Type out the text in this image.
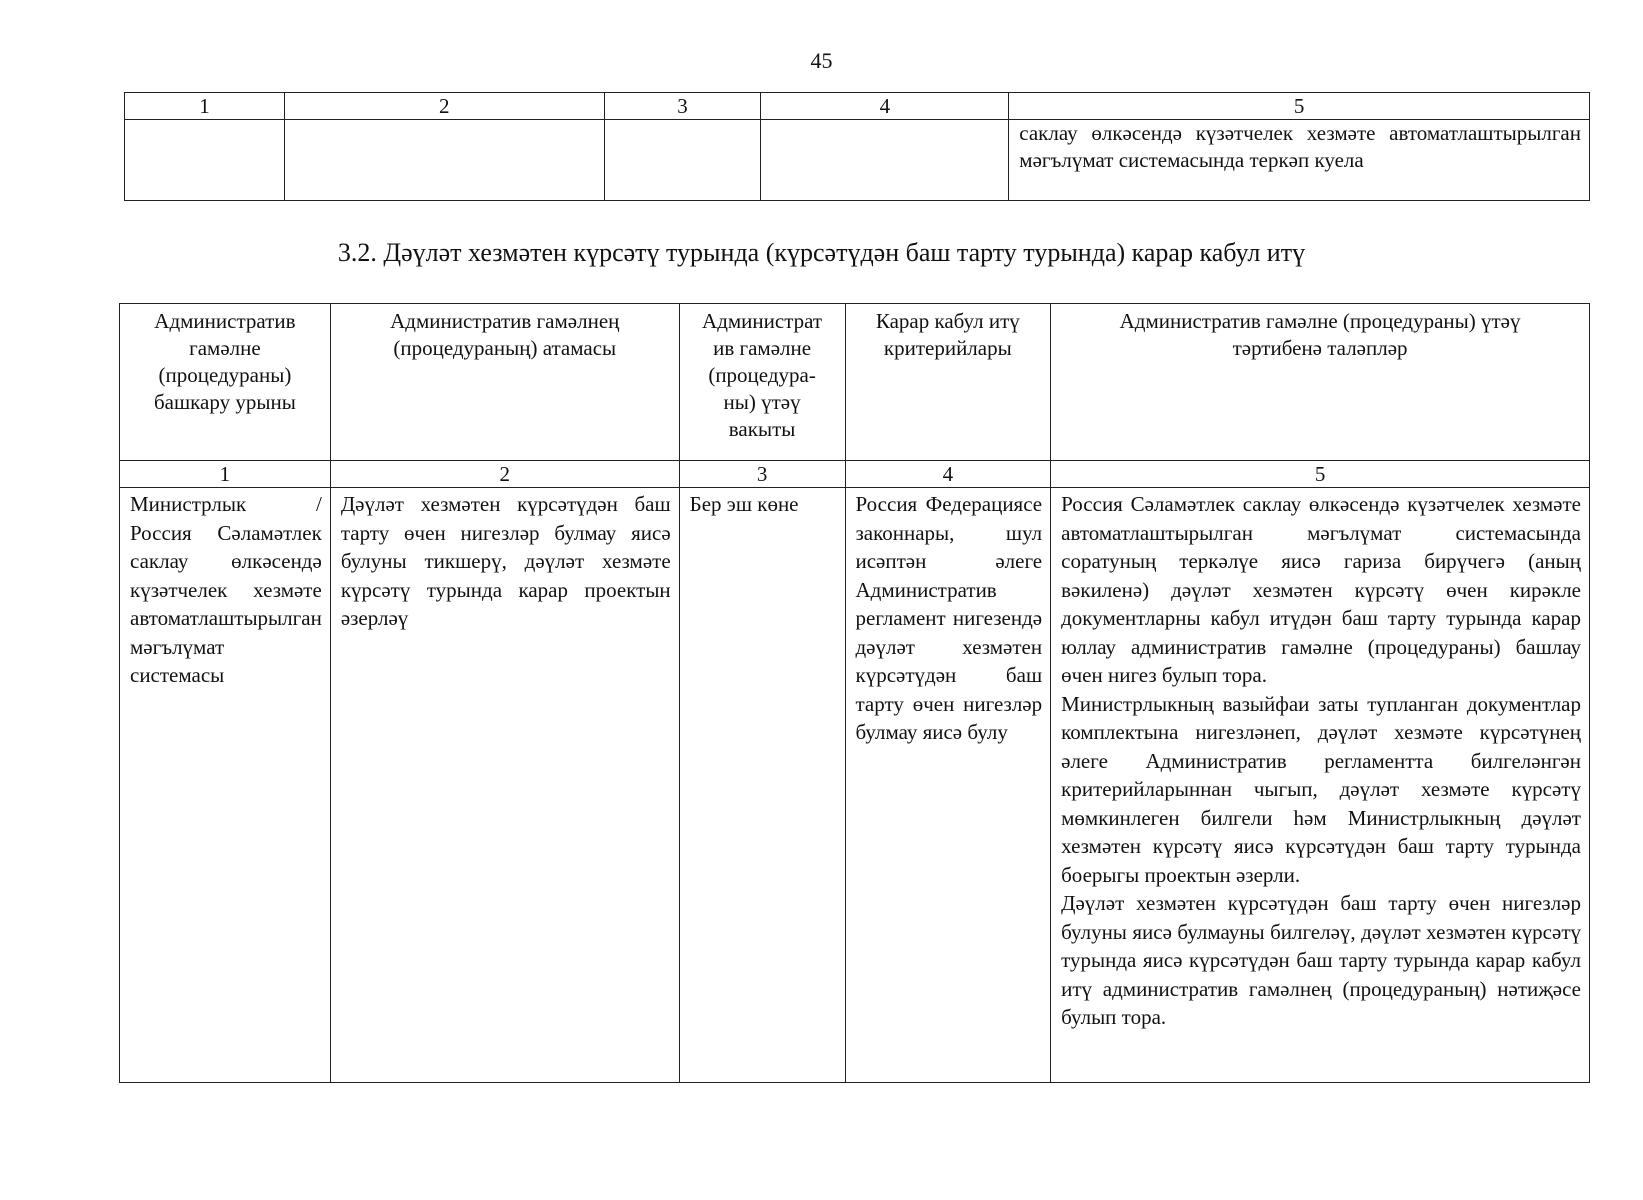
45
1	2	3	4	5

				саклау өлкәсендә күзәтчелек хезмәте автоматлаштырылган мәгълүмат системасында теркәп куела
3.2. Дәүләт хезмәтен күрсәтү турында (күрсәтүдән баш тарту турында) карар кабул итү
Административ гамәлне (процедураны) башкару урыны	Административ гамәлнең (процедураның) атамасы	Администрат ив гамәлне (процедура-ны) үтәү вакыты	Карар кабул итү критерийлары	Административ гамәлне (процедураны) үтәү тәртибенә таләпләр
1	2	3	4	5
Министрлык / Россия Сәламәтлек саклау өлкәсендә күзәтчелек хезмәте автоматлаштырылган мәгълүмат системасы	Дәүләт хезмәтен күрсәтүдән баш тарту өчен нигезләр булмау яисә булуны тикшерү, дәүләт хезмәте күрсәтү турында карар проектын әзерләү	Бер эш көне	Россия Федерациясе законнары, шул исәптән әлеге Административ регламент нигезендә дәүләт хезмәтен күрсәтүдән баш тарту өчен нигезләр булмау яисә булу	Россия Сәламәтлек саклау өлкәсендә күзәтчелек хезмәте автоматлаштырылган мәгълүмат системасында соратуның теркәлүе яисә гариза бирүчегә (аның вәкиленә) дәүләт хезмәтен күрсәтү өчен кирәкле документларны кабул итүдән баш тарту турында карар юллау административ гамәлне (процедураны) башлау өчен нигез булып тора.

Министрлыкның вазыйфаи заты тупланган документлар комплектына нигезләнеп, дәүләт хезмәте күрсәтүнең әлеге Административ регламентта билгеләнгән критерийларыннан чыгып, дәүләт хезмәте күрсәтү мөмкинлеген билгели һәм Министрлыкның дәүләт хезмәтен күрсәтү яисә күрсәтүдән баш тарту турында боерыгы проектын әзерли.

Дәүләт хезмәтен күрсәтүдән баш тарту өчен нигезләр булуны яисә булмауны билгеләү, дәүләт хезмәтен күрсәтү турында яисә күрсәтүдән баш тарту турында карар кабул итү административ гамәлнең (процедураның) нәтиҗәсе булып тора.
